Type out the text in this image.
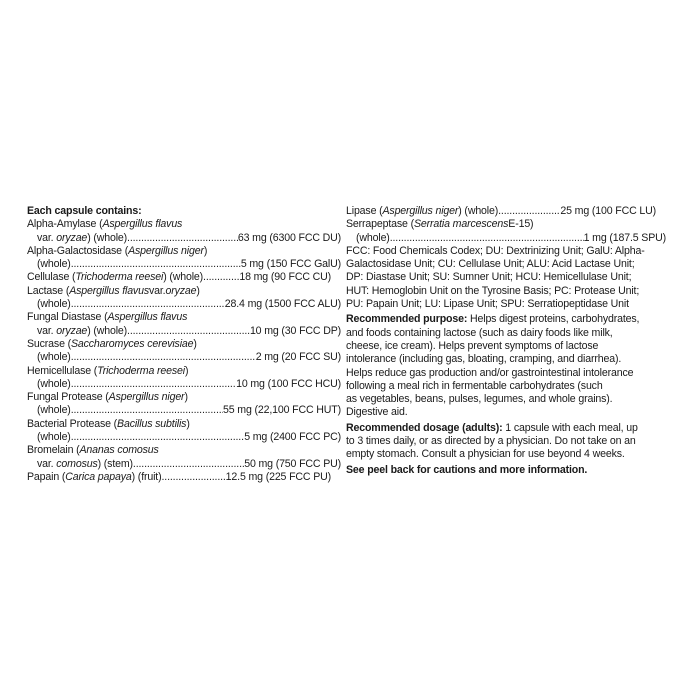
Each capsule contains:
Alpha-Amylase ( Aspergillus flavus
var. oryzae) (whole) .....	63 mg (6300 FCC DU)
Alpha-Galactosidase ( Aspergillus niger )
(whole) .....	5 mg (150 FCC GalU)
Cellulase (Trichoderma reesei) (whole) .....	18 mg (90 FCC CU)
Lactase ( Aspergillus flavus var. oryzae )
(whole) .....	28.4 mg (1500 FCC ALU)
Fungal Diastase ( Aspergillus flavus
var. oryzae) (whole) .....	10 mg (30 FCC DP)
Sucrase ( Saccharomyces cerevisiae )
(whole) .....	2 mg (20 FCC SU)
Hemicellulase ( Trichoderma reesei )
(whole) .....	10 mg (100 FCC HCU)
Fungal Protease ( Aspergillus niger )
(whole) .....	55 mg (22,100 FCC HUT)
Bacterial Protease ( Bacillus subtilis )
(whole) .....	5 mg (2400 FCC PC)
Bromelain ( Ananas comosus
var. comosus) (stem) .....	50 mg (750 FCC PU)
Papain (Carica papaya) (fruit) .....	12.5 mg (225 FCC PU)
Lipase (Aspergillus niger) (whole) .....	25 mg (100 FCC LU)
Serrapeptase ( Serratia marcescens E-15)
(whole) .....	1 mg (187.5 SPU)
FCC: Food Chemicals Codex; DU: Dextrinizing Unit; GalU: Alpha-
Galactosidase Unit; CU: Cellulase Unit; ALU: Acid Lactase Unit;
DP: Diastase Unit; SU: Sumner Unit; HCU: Hemicellulase Unit;
HUT: Hemoglobin Unit on the Tyrosine Basis; PC: Protease Unit;
PU: Papain Unit; LU: Lipase Unit; SPU: Serratiopeptidase Unit
Recommended purpose: Helps digest proteins, carbohydrates,
and foods containing lactose (such as dairy foods like milk,
cheese, ice cream). Helps prevent symptoms of lactose
intolerance (including gas, bloating, cramping, and diarrhea).
Helps reduce gas production and/or gastrointestinal intolerance
following a meal rich in fermentable carbohydrates (such
as vegetables, beans, pulses, legumes, and whole grains).
Digestive aid.
Recommended dosage (adults): 1 capsule with each meal, up
to 3 times daily, or as directed by a physician. Do not take on an
empty stomach. Consult a physician for use beyond 4 weeks.
See peel back for cautions and more information.
